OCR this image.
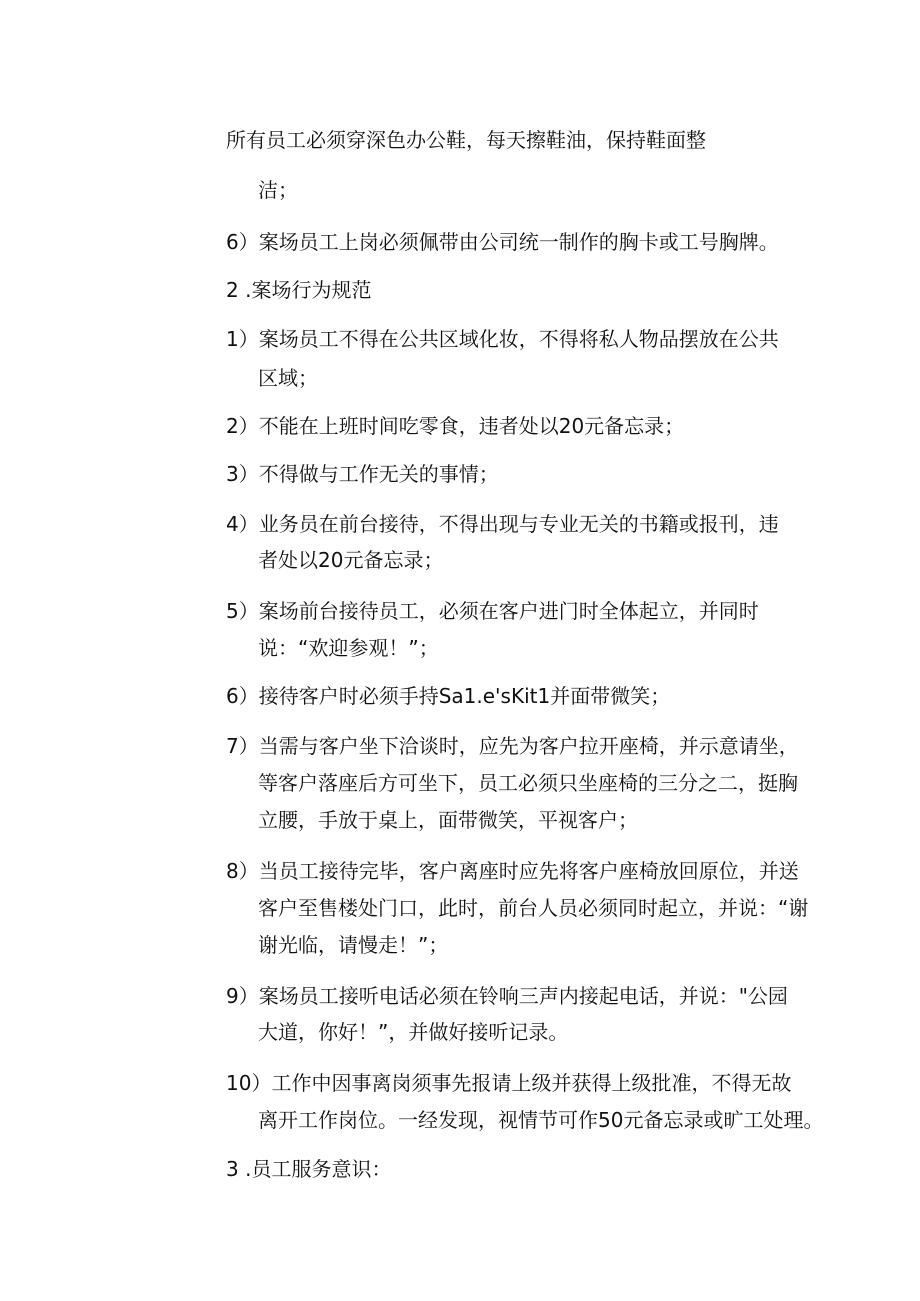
所有员工必须穿深色办公鞋，每天擦鞋油，保持鞋面整
洁；
6）案场员工上岗必须佩带由公司统一制作的胸卡或工号胸牌。
2 .案场行为规范
1）案场员工不得在公共区域化妆，不得将私人物品摆放在公共
区域；
2）不能在上班时间吃零食，违者处以20元备忘录；
3）不得做与工作无关的事情；
4）业务员在前台接待，不得出现与专业无关的书籍或报刊，违
者处以20元备忘录；
5）案场前台接待员工，必须在客户进门时全体起立，并同时
说：“欢迎参观！”；
6）接待客户时必须手持Sa1.e'sKit1并面带微笑；
7）当需与客户坐下洽谈时，应先为客户拉开座椅，并示意请坐，
等客户落座后方可坐下，员工必须只坐座椅的三分之二，挺胸
立腰，手放于桌上，面带微笑，平视客户；
8）当员工接待完毕，客户离座时应先将客户座椅放回原位，并送
客户至售楼处门口，此时，前台人员必须同时起立，并说：“谢
谢光临，请慢走！”；
9）案场员工接听电话必须在铃响三声内接起电话，并说："公园
大道，你好！”，并做好接听记录。
10）工作中因事离岗须事先报请上级并获得上级批准，不得无故
离开工作岗位。一经发现，视情节可作50元备忘录或旷工处理。
3 .员工服务意识：
